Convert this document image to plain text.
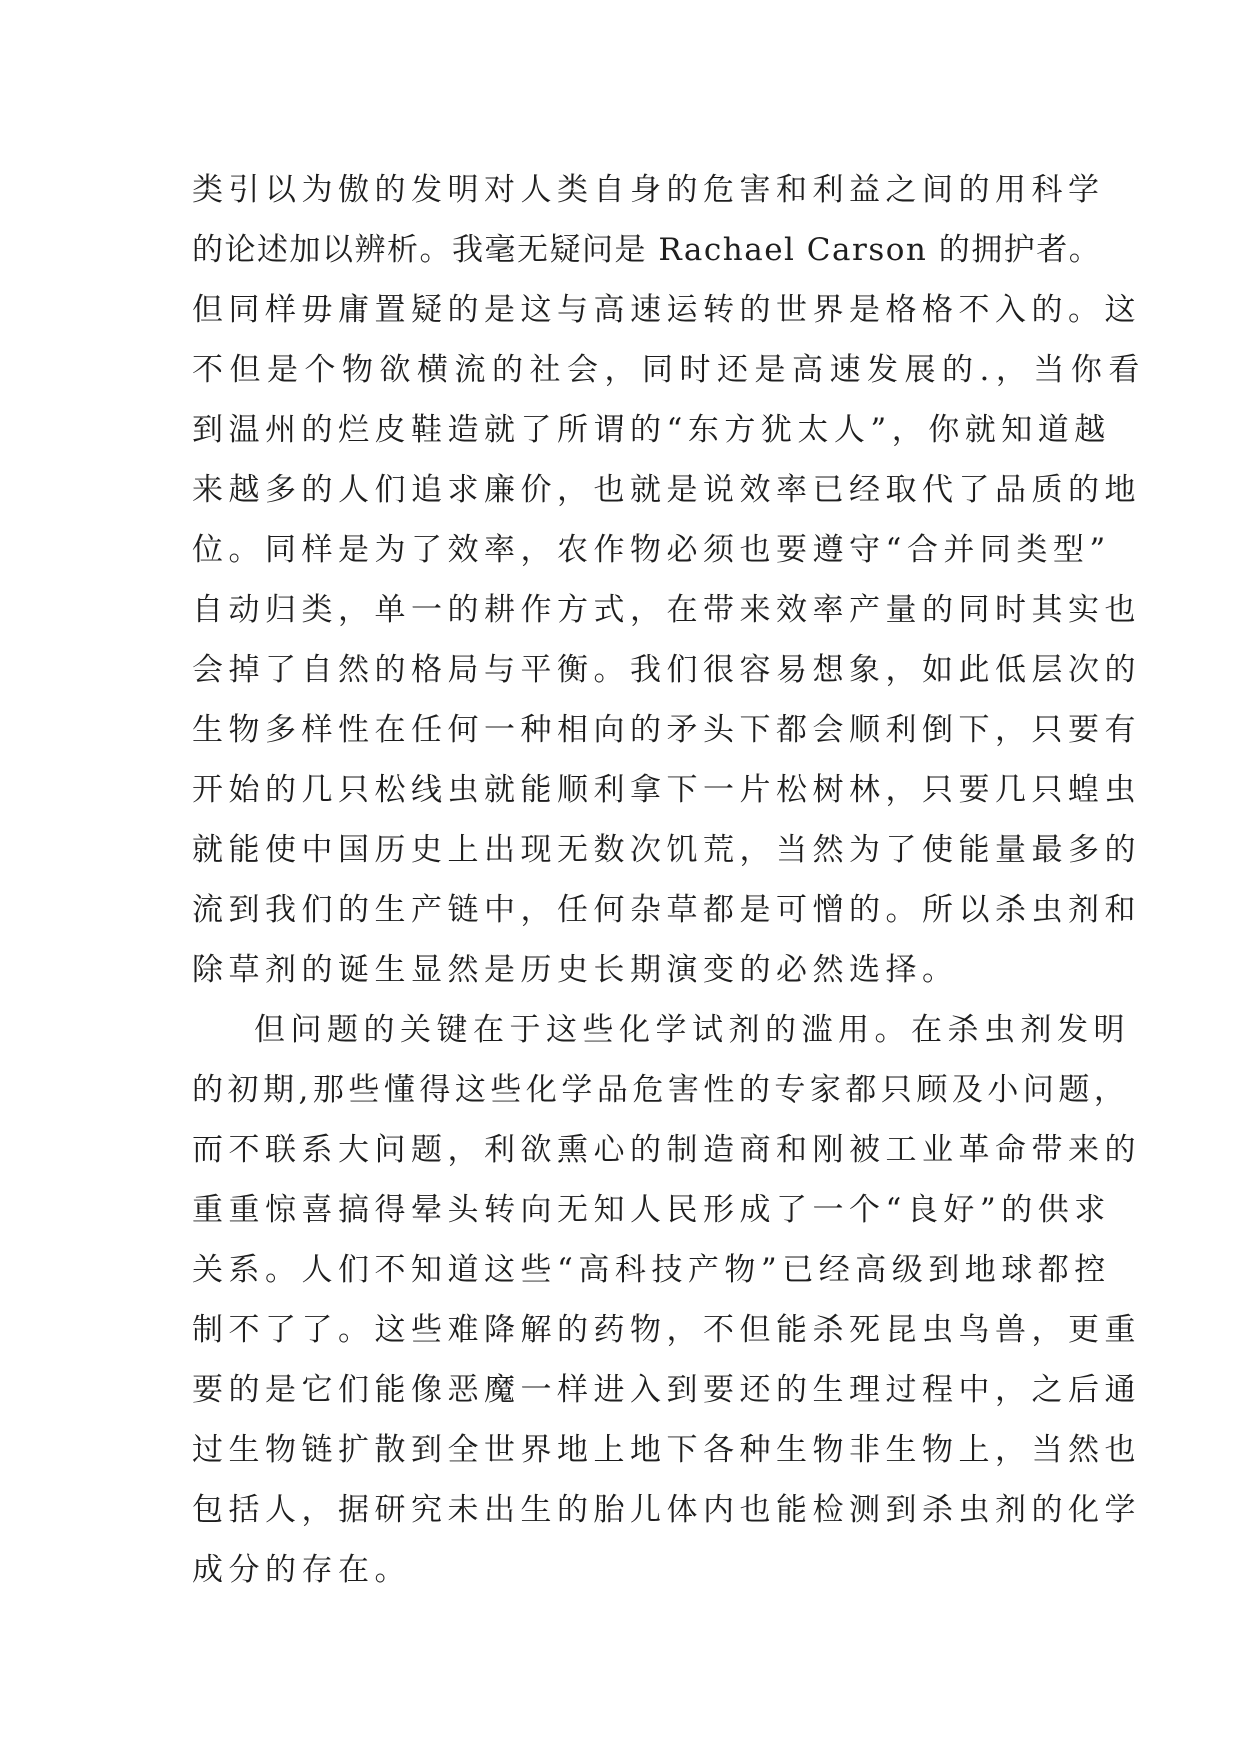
类引以为傲的发明对人类自身的危害和利益之间的用科学
的论述加以辨析。我毫无疑问是 Rachael Carson 的拥护者。
但同样毋庸置疑的是这与高速运转的世界是格格不入的。这
不但是个物欲横流的社会，同时还是高速发展的.，当你看
到温州的烂皮鞋造就了所谓的“东方犹太人”，你就知道越
来越多的人们追求廉价，也就是说效率已经取代了品质的地
位。同样是为了效率，农作物必须也要遵守“合并同类型”
自动归类，单一的耕作方式，在带来效率产量的同时其实也
会掉了自然的格局与平衡。我们很容易想象，如此低层次的
生物多样性在任何一种相向的矛头下都会顺利倒下，只要有
开始的几只松线虫就能顺利拿下一片松树林，只要几只蝗虫
就能使中国历史上出现无数次饥荒，当然为了使能量最多的
流到我们的生产链中，任何杂草都是可憎的。所以杀虫剂和
除草剂的诞生显然是历史长期演变的必然选择。
但问题的关键在于这些化学试剂的滥用。在杀虫剂发明
的初期,那些懂得这些化学品危害性的专家都只顾及小问题，
而不联系大问题，利欲熏心的制造商和刚被工业革命带来的
重重惊喜搞得晕头转向无知人民形成了一个“良好”的供求
关系。人们不知道这些“高科技产物”已经高级到地球都控
制不了了。这些难降解的药物，不但能杀死昆虫鸟兽，更重
要的是它们能像恶魔一样进入到要还的生理过程中，之后通
过生物链扩散到全世界地上地下各种生物非生物上，当然也
包括人，据研究未出生的胎儿体内也能检测到杀虫剂的化学
成分的存在。
